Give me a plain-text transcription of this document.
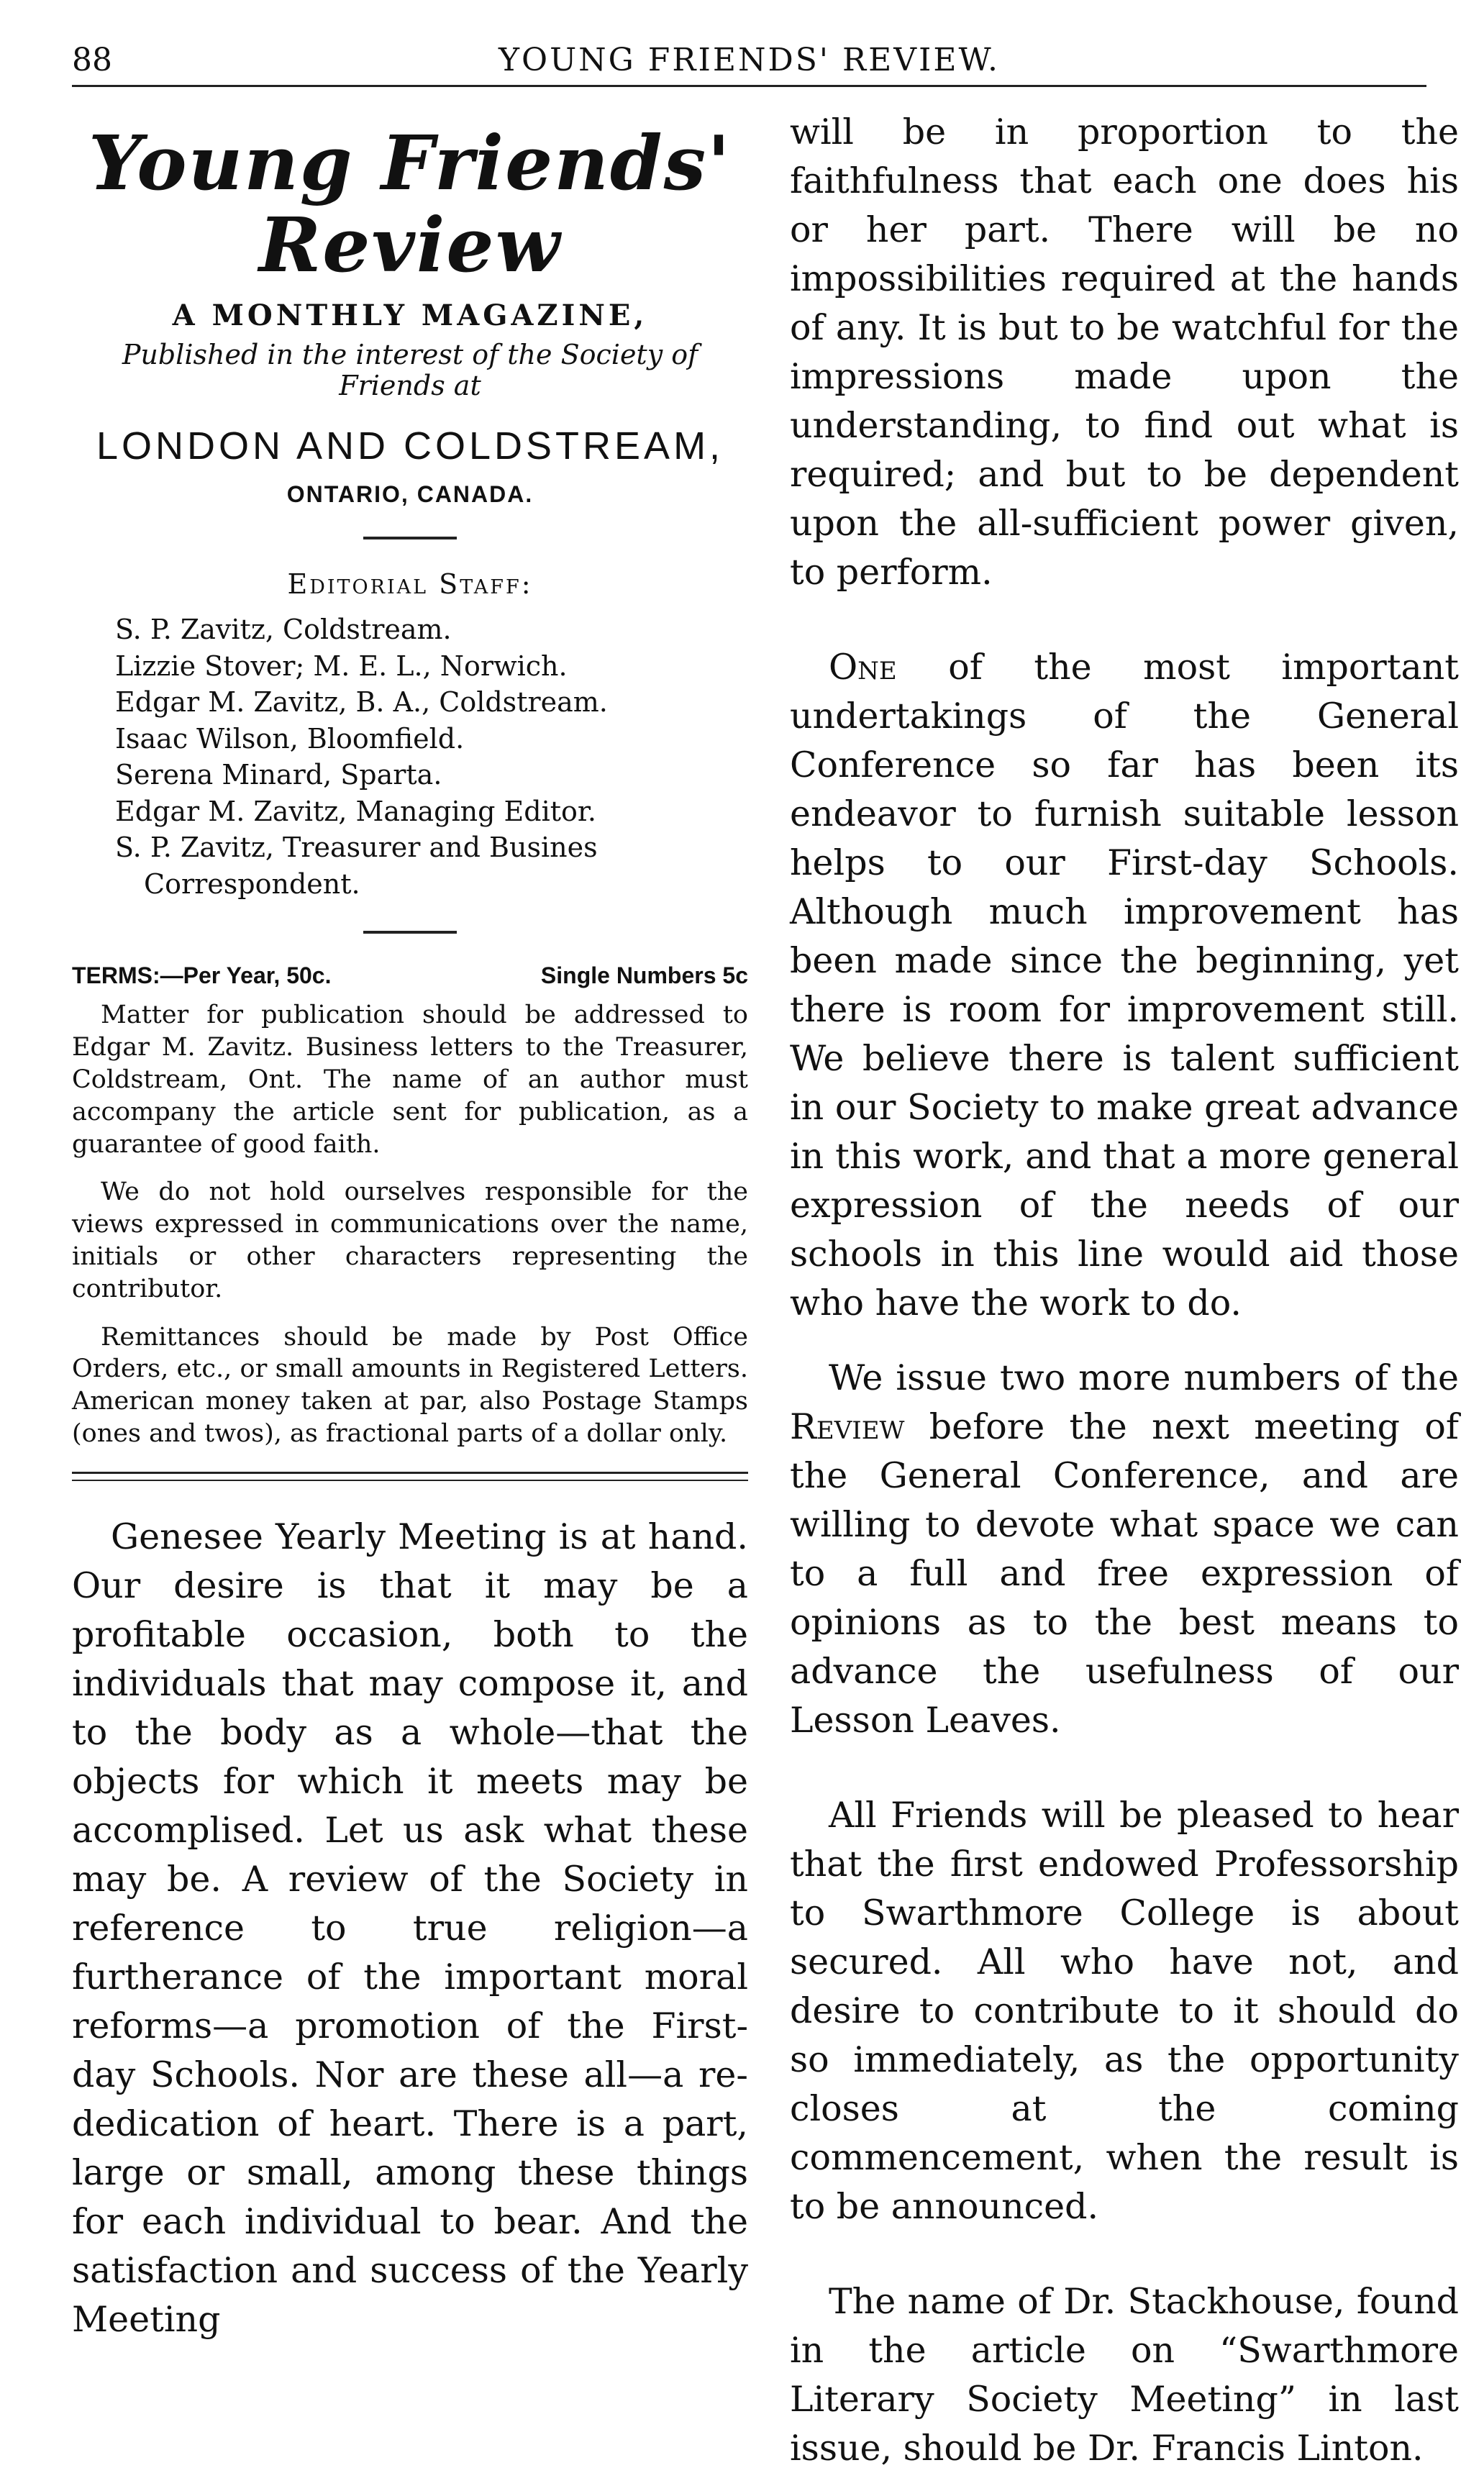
88	YOUNG FRIENDS' REVIEW.
Young Friends' Review
A MONTHLY MAGAZINE,
Published in the interest of the Society of Friends at
LONDON AND COLDSTREAM,
ONTARIO, CANADA.
Editorial Staff:
S. P. Zavitz, Coldstream.
Lizzie Stover; M. E. L., Norwich.
Edgar M. Zavitz, B. A., Coldstream.
Isaac Wilson, Bloomfield.
Serena Minard, Sparta.
Edgar M. Zavitz, Managing Editor.
S. P. Zavitz, Treasurer and Busines
Correspondent.
TERMS:—Per Year, 50c.	Single Numbers 5c

Matter for publication should be addressed to Edgar M. Zavitz. Business letters to the Treasurer, Coldstream, Ont. The name of an author must accompany the article sent for publication, as a guarantee of good faith.

We do not hold ourselves responsible for the views expressed in communications over the name, initials or other characters representing the contributor.

Remittances should be made by Post Office Orders, etc., or small amounts in Registered Letters. American money taken at par, also Postage Stamps (ones and twos), as fractional parts of a dollar only.

Genesee Yearly Meeting is at hand. Our desire is that it may be a profitable occasion, both to the individuals that may compose it, and to the body as a whole—that the objects for which it meets may be accomplised. Let us ask what these may be. A review of the Society in reference to true religion—a furtherance of the important moral reforms—a promotion of the First-day Schools. Nor are these all—a re-dedication of heart. There is a part, large or small, among these things for each individual to bear. And the satisfaction and success of the Yearly Meeting

will be in proportion to the faithfulness that each one does his or her part. There will be no impossibilities required at the hands of any. It is but to be watchful for the impressions made upon the understanding, to find out what is required; and but to be dependent upon the all-sufficient power given, to perform.

One of the most important undertakings of the General Conference so far has been its endeavor to furnish suitable lesson helps to our First-day Schools. Although much improvement has been made since the beginning, yet there is room for improvement still. We believe there is talent sufficient in our Society to make great advance in this work, and that a more general expression of the needs of our schools in this line would aid those who have the work to do.

We issue two more numbers of the Review before the next meeting of the General Conference, and are willing to devote what space we can to a full and free expression of opinions as to the best means to advance the usefulness of our Lesson Leaves.

All Friends will be pleased to hear that the first endowed Professorship to Swarthmore College is about secured. All who have not, and desire to contribute to it should do so immediately, as the opportunity closes at the coming commencement, when the result is to be announced.

The name of Dr. Stackhouse, found in the article on “Swarthmore Literary Society Meeting” in last issue, should be Dr. Francis Linton.
